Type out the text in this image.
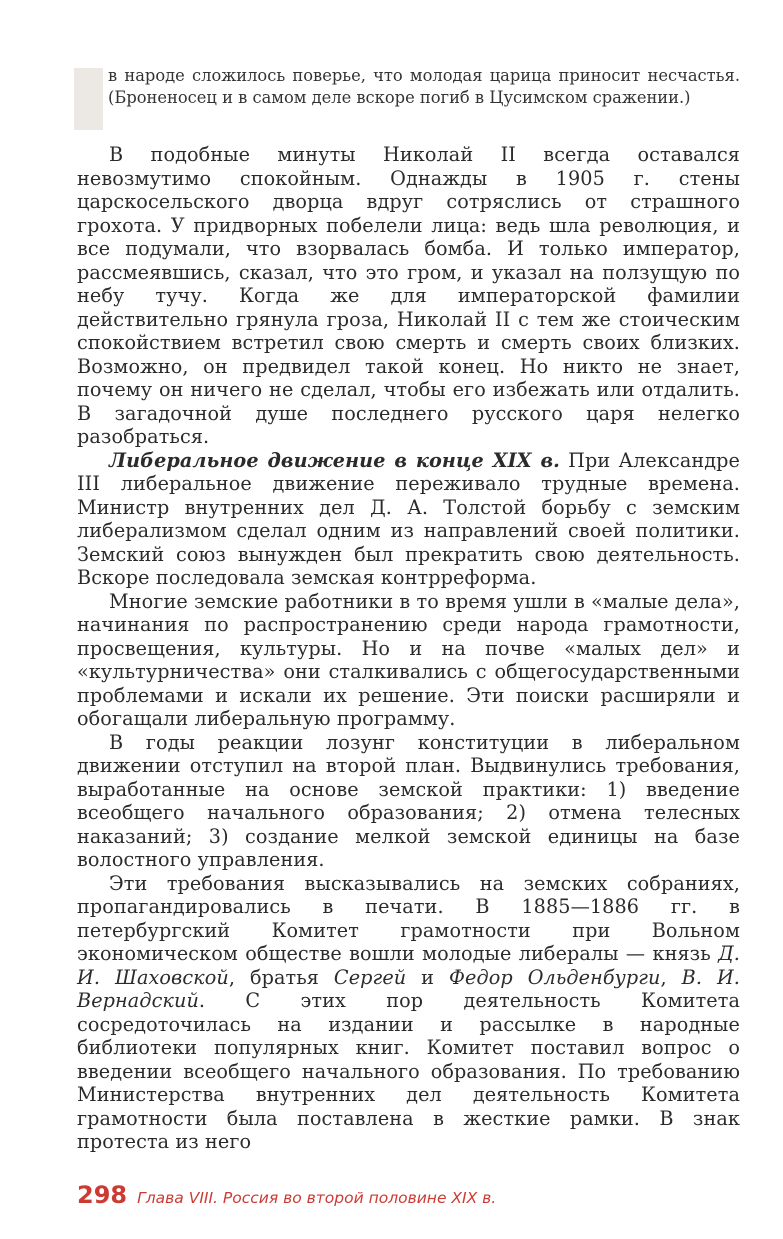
в народе сложилось поверье, что молодая царица приносит несчастья. (Броненосец и в самом деле вскоре погиб в Цусимском сражении.)

В подобные минуты Николай II всегда оставался невозмутимо спокойным. Однажды в 1905 г. стены царскосельского дворца вдруг сотряслись от страшного грохота. У придворных побелели лица: ведь шла революция, и все подумали, что взорвалась бомба. И только император, рассмеявшись, сказал, что это гром, и указал на ползущую по небу тучу. Когда же для императорской фамилии действительно грянула гроза, Николай II с тем же стоическим спокойствием встретил свою смерть и смерть своих близких. Возможно, он предвидел такой конец. Но никто не знает, почему он ничего не сделал, чтобы его избежать или отдалить. В загадочной душе последнего русского царя нелегко разобраться.

Либеральное движение в конце XIX в. При Александре III либеральное движение переживало трудные времена. Министр внутренних дел Д. А. Толстой борьбу с земским либерализмом сделал одним из направлений своей политики. Земский союз вынужден был прекратить свою деятельность. Вскоре последовала земская контрреформа.

Многие земские работники в то время ушли в «малые дела», начинания по распространению среди народа грамотности, просвещения, культуры. Но и на почве «малых дел» и «культурничества» они сталкивались с общегосударственными проблемами и искали их решение. Эти поиски расширяли и обогащали либеральную программу.

В годы реакции лозунг конституции в либеральном движении отступил на второй план. Выдвинулись требования, выработанные на основе земской практики: 1) введение всеобщего начального образования; 2) отмена телесных наказаний; 3) создание мелкой земской единицы на базе волостного управления.

Эти требования высказывались на земских собраниях, пропагандировались в печати. В 1885—1886 гг. в петербургский Комитет грамотности при Вольном экономическом обществе вошли молодые либералы — князь Д. И. Шаховской, братья Сергей и Федор Ольденбурги, В. И. Вернадский. С этих пор деятельность Комитета сосредоточилась на издании и рассылке в народные библиотеки популярных книг. Комитет поставил вопрос о введении всеобщего начального образования. По требованию Министерства внутренних дел деятельность Комитета грамотности была поставлена в жесткие рамки. В знак протеста из него

298 Глава VIII. Россия во второй половине XIX в.
